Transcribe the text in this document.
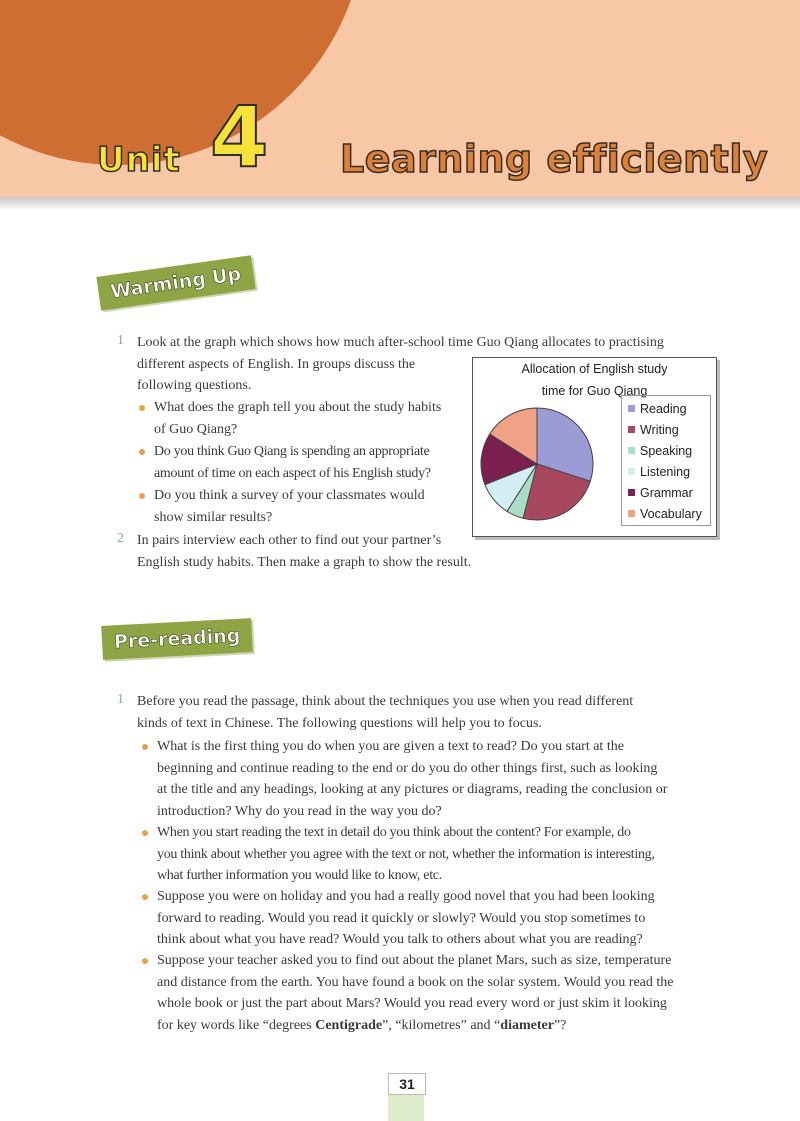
Unit 4 Learning efficiently
Warming Up
1 Look at the graph which shows how much after-school time Guo Qiang allocates to practising
different aspects of English. In groups discuss the
following questions.
What does the graph tell you about the study habits
of Guo Qiang?
Do you think Guo Qiang is spending an appropriate
amount of time on each aspect of his English study?
Do you think a survey of your classmates would
show similar results?
2 In pairs interview each other to find out your partner’s
English study habits. Then make a graph to show the result.
Allocation of English study
time for Guo Qiang
Reading
Writing
Speaking
Listening
Grammar
Vocabulary
Pre-reading
1 Before you read the passage, think about the techniques you use when you read different
kinds of text in Chinese. The following questions will help you to focus.
What is the first thing you do when you are given a text to read? Do you start at the
beginning and continue reading to the end or do you do other things first, such as looking
at the title and any headings, looking at any pictures or diagrams, reading the conclusion or
introduction? Why do you read in the way you do?
When you start reading the text in detail do you think about the content? For example, do
you think about whether you agree with the text or not, whether the information is interesting,
what further information you would like to know, etc.
Suppose you were on holiday and you had a really good novel that you had been looking
forward to reading. Would you read it quickly or slowly? Would you stop sometimes to
think about what you have read? Would you talk to others about what you are reading?
Suppose your teacher asked you to find out about the planet Mars, such as size, temperature
and distance from the earth. You have found a book on the solar system. Would you read the
whole book or just the part about Mars? Would you read every word or just skim it looking
for key words like “degrees Centigrade”, “kilometres” and “diameter”?
31
